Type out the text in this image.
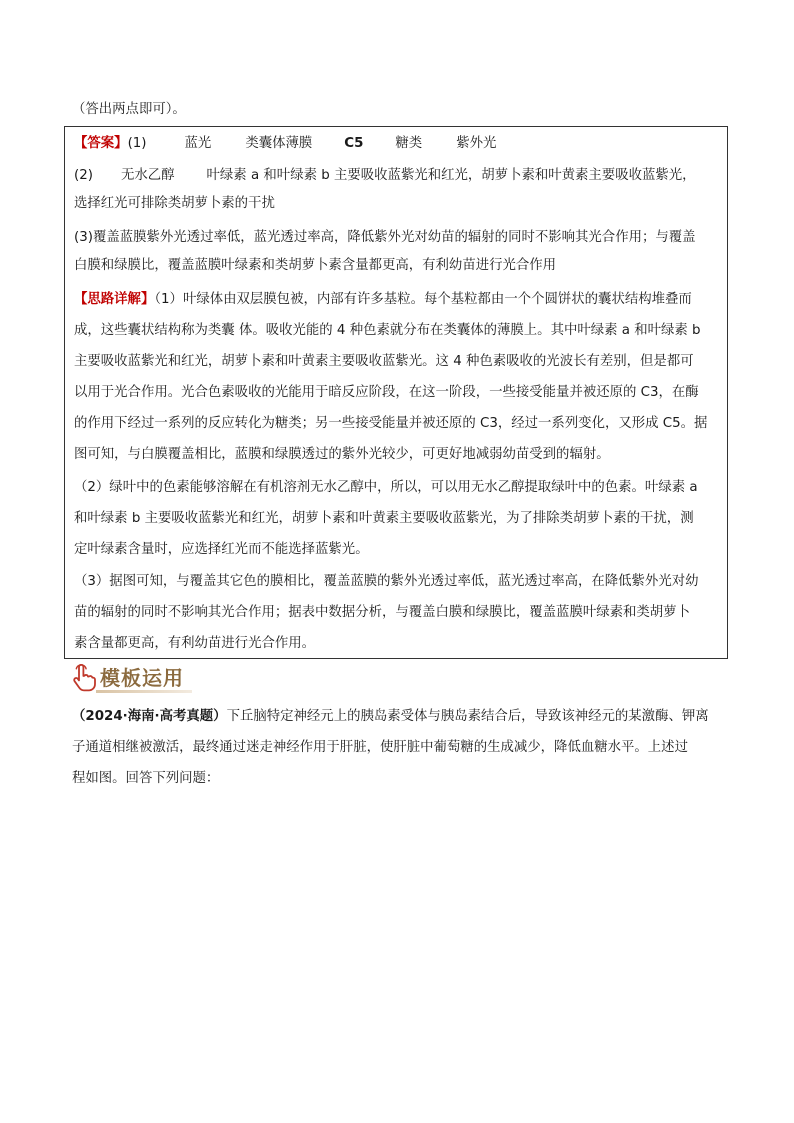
（答出两点即可）。
【答案】(1)	蓝光	类囊体薄膜 C5 糖类	紫外光
(2) 无水乙醇 叶绿素 a 和叶绿素 b 主要吸收蓝紫光和红光，胡萝卜素和叶黄素主要吸收蓝紫光，
选择红光可排除类胡萝卜素的干扰
(3)覆盖蓝膜紫外光透过率低，蓝光透过率高，降低紫外光对幼苗的辐射的同时不影响其光合作用；与覆盖
白膜和绿膜比，覆盖蓝膜叶绿素和类胡萝卜素含量都更高，有利幼苗进行光合作用
【思路详解】（1）叶绿体由双层膜包被，内部有许多基粒。每个基粒都由一个个圆饼状的囊状结构堆叠而
成，这些囊状结构称为类囊 体。吸收光能的 4 种色素就分布在类囊体的薄膜上。其中叶绿素 a 和叶绿素 b
主要吸收蓝紫光和红光，胡萝卜素和叶黄素主要吸收蓝紫光。这 4 种色素吸收的光波长有差别，但是都可
以用于光合作用。光合色素吸收的光能用于暗反应阶段，在这一阶段，一些接受能量并被还原的 C3，在酶
的作用下经过一系列的反应转化为糖类；另一些接受能量并被还原的 C3，经过一系列变化，又形成 C5。据
图可知，与白膜覆盖相比，蓝膜和绿膜透过的紫外光较少，可更好地减弱幼苗受到的辐射。
（2）绿叶中的色素能够溶解在有机溶剂无水乙醇中，所以，可以用无水乙醇提取绿叶中的色素。叶绿素 a
和叶绿素 b 主要吸收蓝紫光和红光，胡萝卜素和叶黄素主要吸收蓝紫光，为了排除类胡萝卜素的干扰，测
定叶绿素含量时，应选择红光而不能选择蓝紫光。
（3）据图可知，与覆盖其它色的膜相比，覆盖蓝膜的紫外光透过率低，蓝光透过率高，在降低紫外光对幼
苗的辐射的同时不影响其光合作用；据表中数据分析，与覆盖白膜和绿膜比，覆盖蓝膜叶绿素和类胡萝卜
素含量都更高，有利幼苗进行光合作用。
模板运用
（2024·海南·高考真题）下丘脑特定神经元上的胰岛素受体与胰岛素结合后，导致该神经元的某激酶、钾离
子通道相继被激活，最终通过迷走神经作用于肝脏，使肝脏中葡萄糖的生成减少，降低血糖水平。上述过
程如图。回答下列问题：
